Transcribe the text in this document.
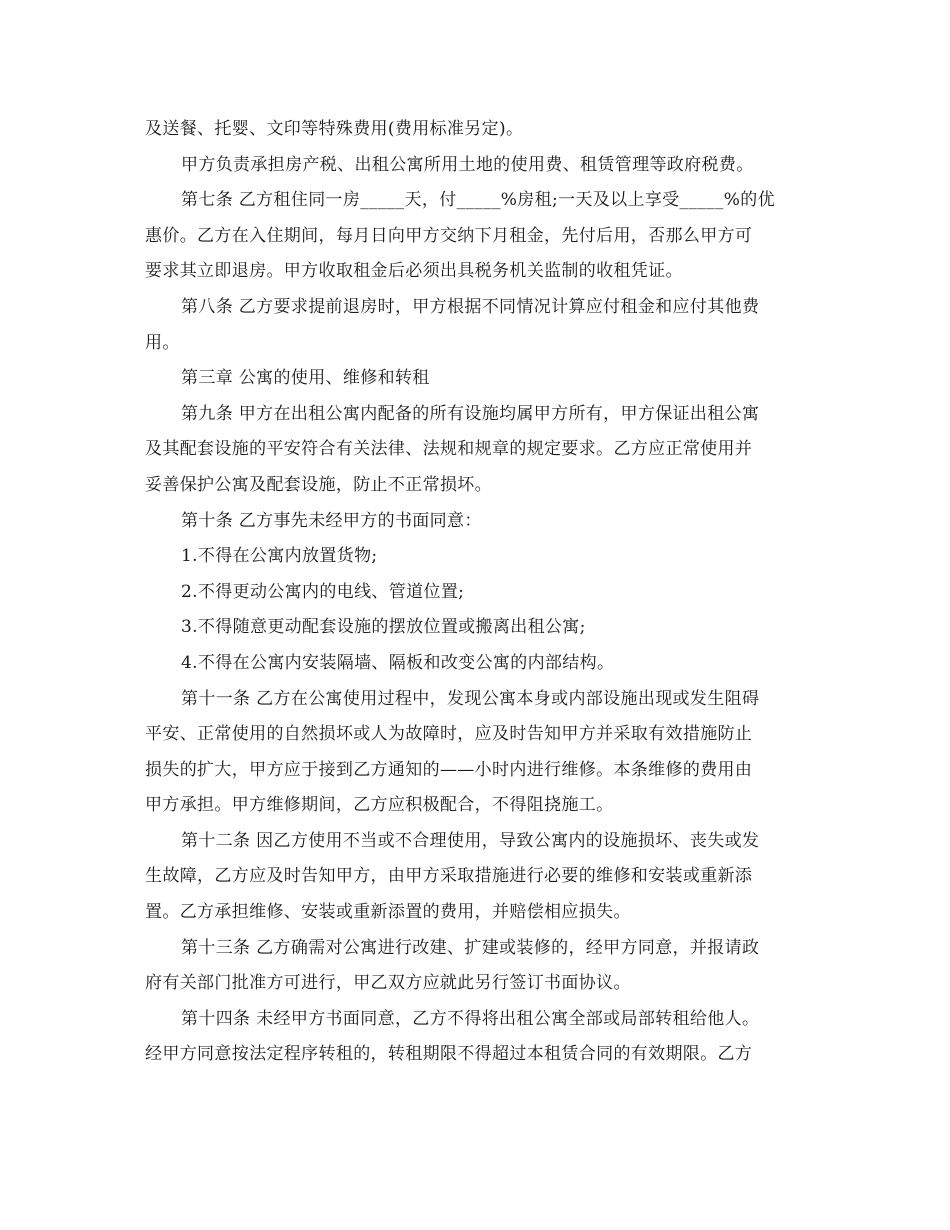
及送餐、托婴、文印等特殊费用(费用标准另定)。
甲方负责承担房产税、出租公寓所用土地的使用费、租赁管理等政府税费。
第七条 乙方租住同一房_____天，付_____%房租;一天及以上享受_____%的优
惠价。乙方在入住期间，每月日向甲方交纳下月租金，先付后用，否那么甲方可
要求其立即退房。甲方收取租金后必须出具税务机关监制的收租凭证。
第八条 乙方要求提前退房时，甲方根据不同情况计算应付租金和应付其他费
用。
第三章 公寓的使用、维修和转租
第九条 甲方在出租公寓内配备的所有设施均属甲方所有，甲方保证出租公寓
及其配套设施的平安符合有关法律、法规和规章的规定要求。乙方应正常使用并
妥善保护公寓及配套设施，防止不正常损坏。
第十条 乙方事先未经甲方的书面同意：
1.不得在公寓内放置货物;
2.不得更动公寓内的电线、管道位置;
3.不得随意更动配套设施的摆放位置或搬离出租公寓;
4.不得在公寓内安装隔墙、隔板和改变公寓的内部结构。
第十一条 乙方在公寓使用过程中，发现公寓本身或内部设施出现或发生阻碍
平安、正常使用的自然损坏或人为故障时，应及时告知甲方并采取有效措施防止
损失的扩大，甲方应于接到乙方通知的——小时内进行维修。本条维修的费用由
甲方承担。甲方维修期间，乙方应积极配合，不得阻挠施工。
第十二条 因乙方使用不当或不合理使用，导致公寓内的设施损坏、丧失或发
生故障，乙方应及时告知甲方，由甲方采取措施进行必要的维修和安装或重新添
置。乙方承担维修、安装或重新添置的费用，并赔偿相应损失。
第十三条 乙方确需对公寓进行改建、扩建或装修的，经甲方同意，并报请政
府有关部门批准方可进行，甲乙双方应就此另行签订书面协议。
第十四条 未经甲方书面同意，乙方不得将出租公寓全部或局部转租给他人。
经甲方同意按法定程序转租的，转租期限不得超过本租赁合同的有效期限。乙方
